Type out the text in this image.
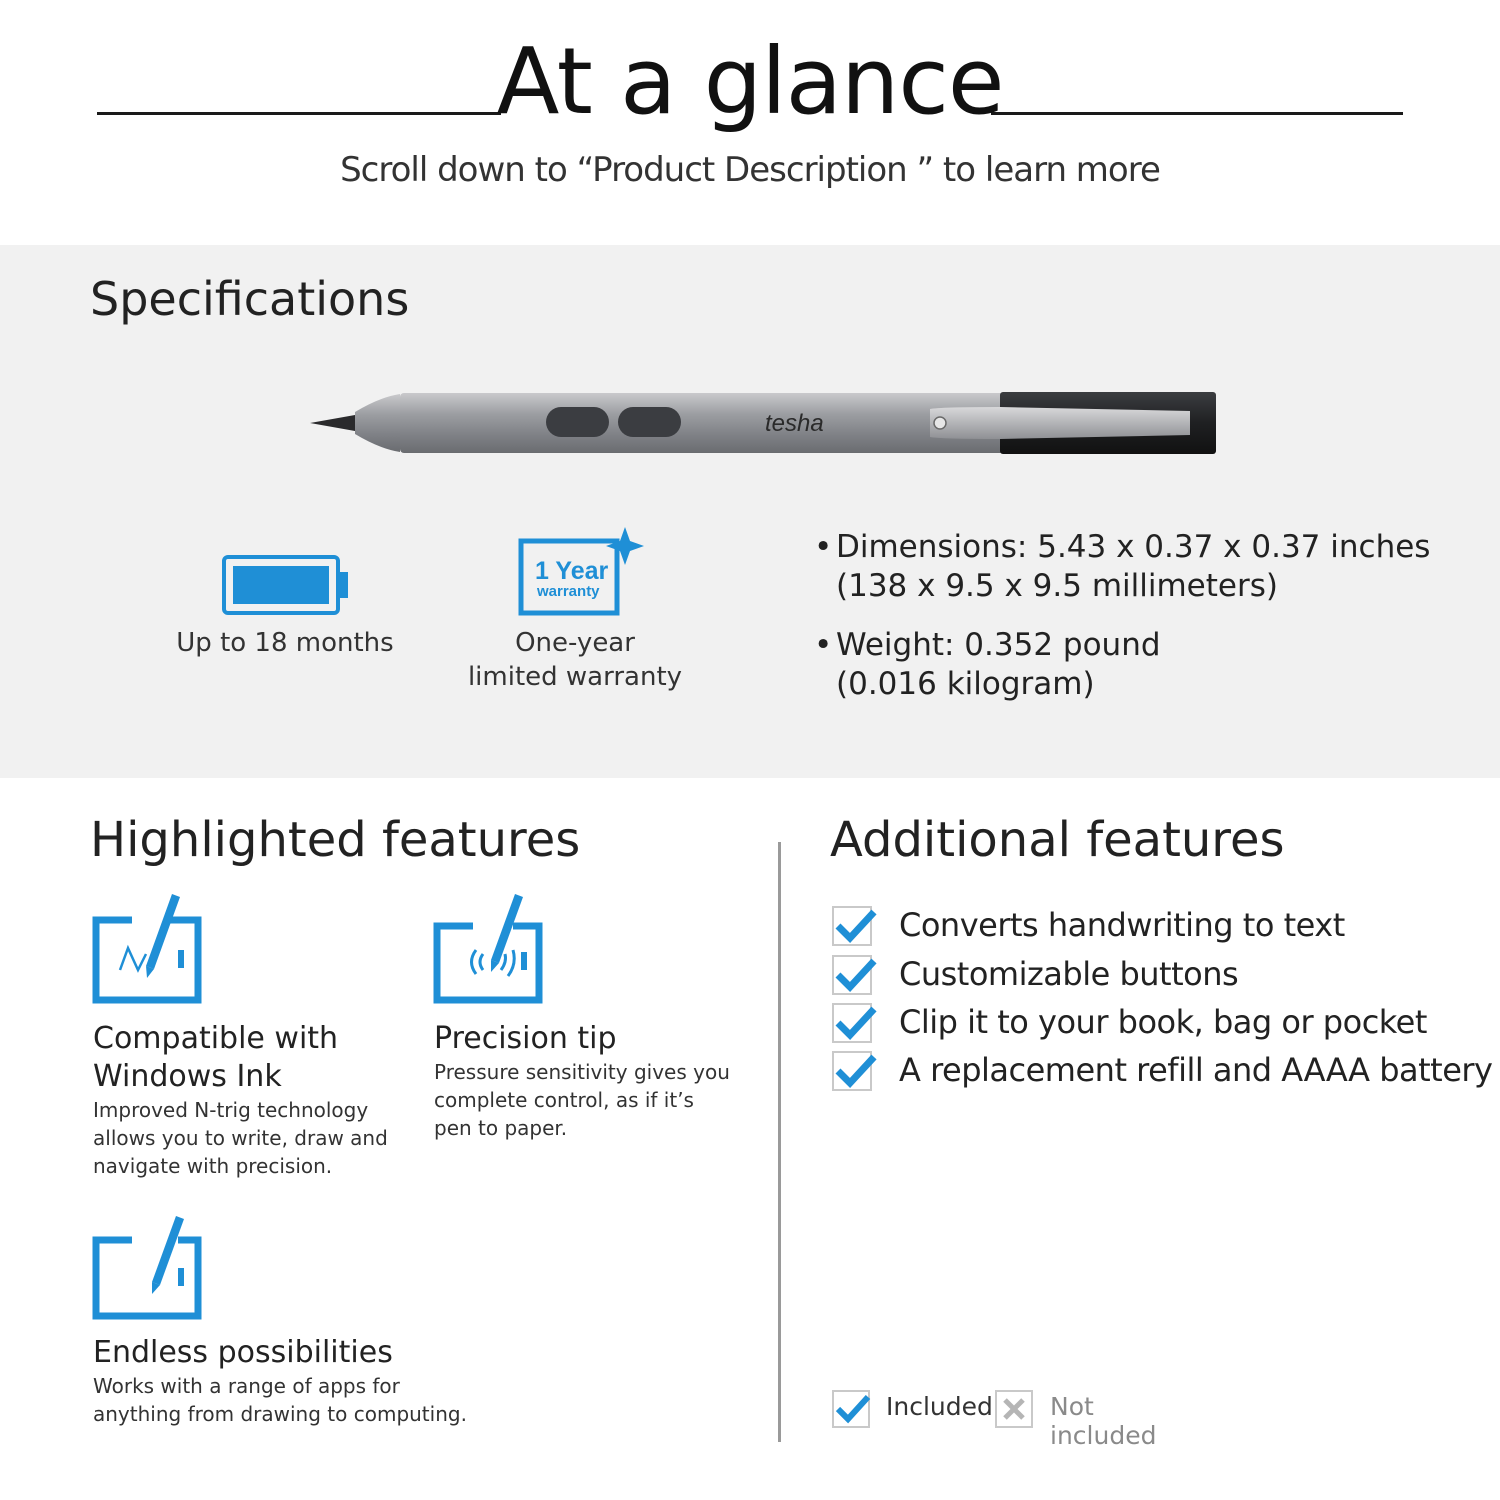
At a glance
Scroll down to “Product Description ” to learn more
Specifications
tesha
Up to 18 months
1 Year
warranty
One-year
limited warranty
• Dimensions: 5.43 x 0.37 x 0.37 inches
(138 x 9.5 x 9.5 millimeters)
• Weight: 0.352 pound
(0.016 kilogram)
Highlighted features
Compatible with Windows Ink
Improved N-trig technology allows you to write, draw and navigate with precision.
Precision tip
Pressure sensitivity gives you complete control, as if it’s pen to paper.
Endless possibilities
Works with a range of apps for anything from drawing to computing.
Additional features
Converts handwriting to text
Customizable buttons
Clip it to your book, bag or pocket
A replacement refill and AAAA battery
Included Not included
